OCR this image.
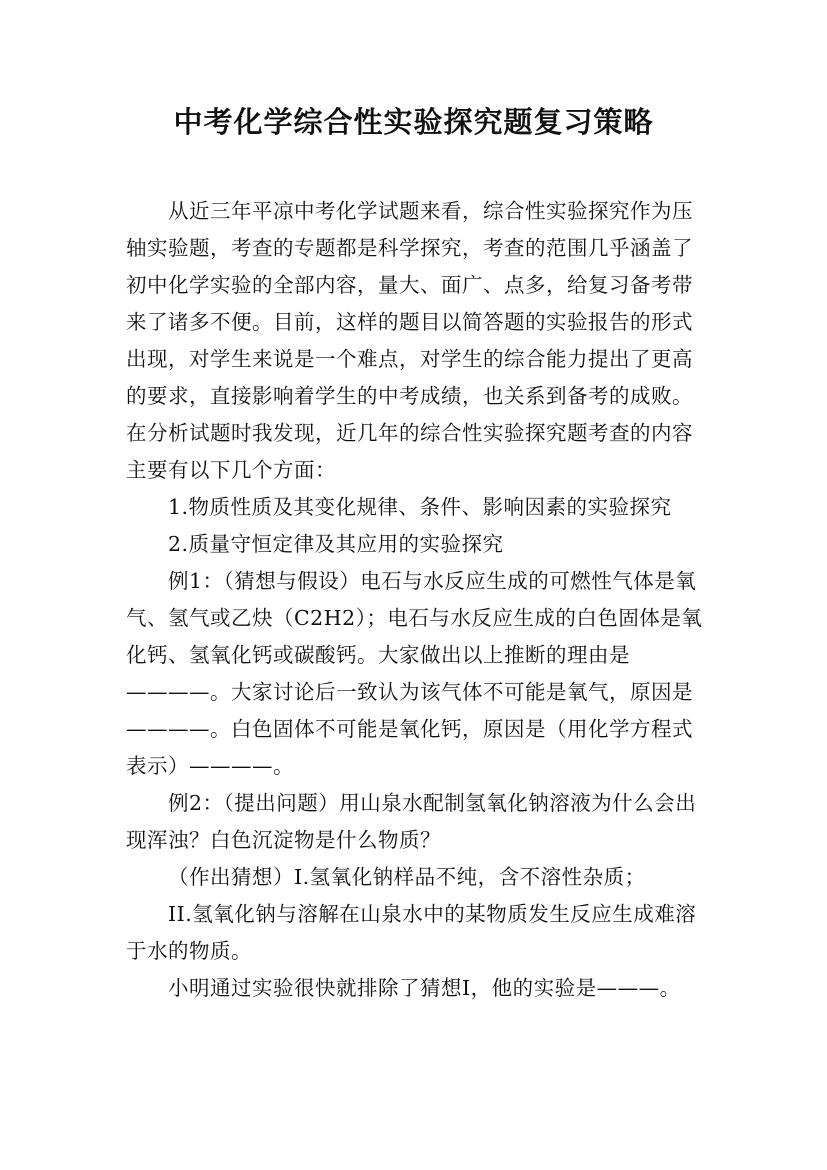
中考化学综合性实验探究题复习策略

从近三年平凉中考化学试题来看，综合性实验探究作为压轴实验题，考查的专题都是科学探究，考查的范围几乎涵盖了初中化学实验的全部内容，量大、面广、点多，给复习备考带来了诸多不便。目前，这样的题目以简答题的实验报告的形式出现，对学生来说是一个难点，对学生的综合能力提出了更高的要求，直接影响着学生的中考成绩，也关系到备考的成败。在分析试题时我发现，近几年的综合性实验探究题考查的内容主要有以下几个方面：

1.物质性质及其变化规律、条件、影响因素的实验探究

2.质量守恒定律及其应用的实验探究

例1：（猜想与假设）电石与水反应生成的可燃性气体是氧气、氢气或乙炔（C2H2）；电石与水反应生成的白色固体是氧化钙、氢氧化钙或碳酸钙。大家做出以上推断的理由是————。大家讨论后一致认为该气体不可能是氧气，原因是————。白色固体不可能是氧化钙，原因是（用化学方程式表示）————。

例2：（提出问题）用山泉水配制氢氧化钠溶液为什么会出现浑浊？白色沉淀物是什么物质？

（作出猜想）I.氢氧化钠样品不纯，含不溶性杂质；

II.氢氧化钠与溶解在山泉水中的某物质发生反应生成难溶于水的物质。

小明通过实验很快就排除了猜想I，他的实验是———。
